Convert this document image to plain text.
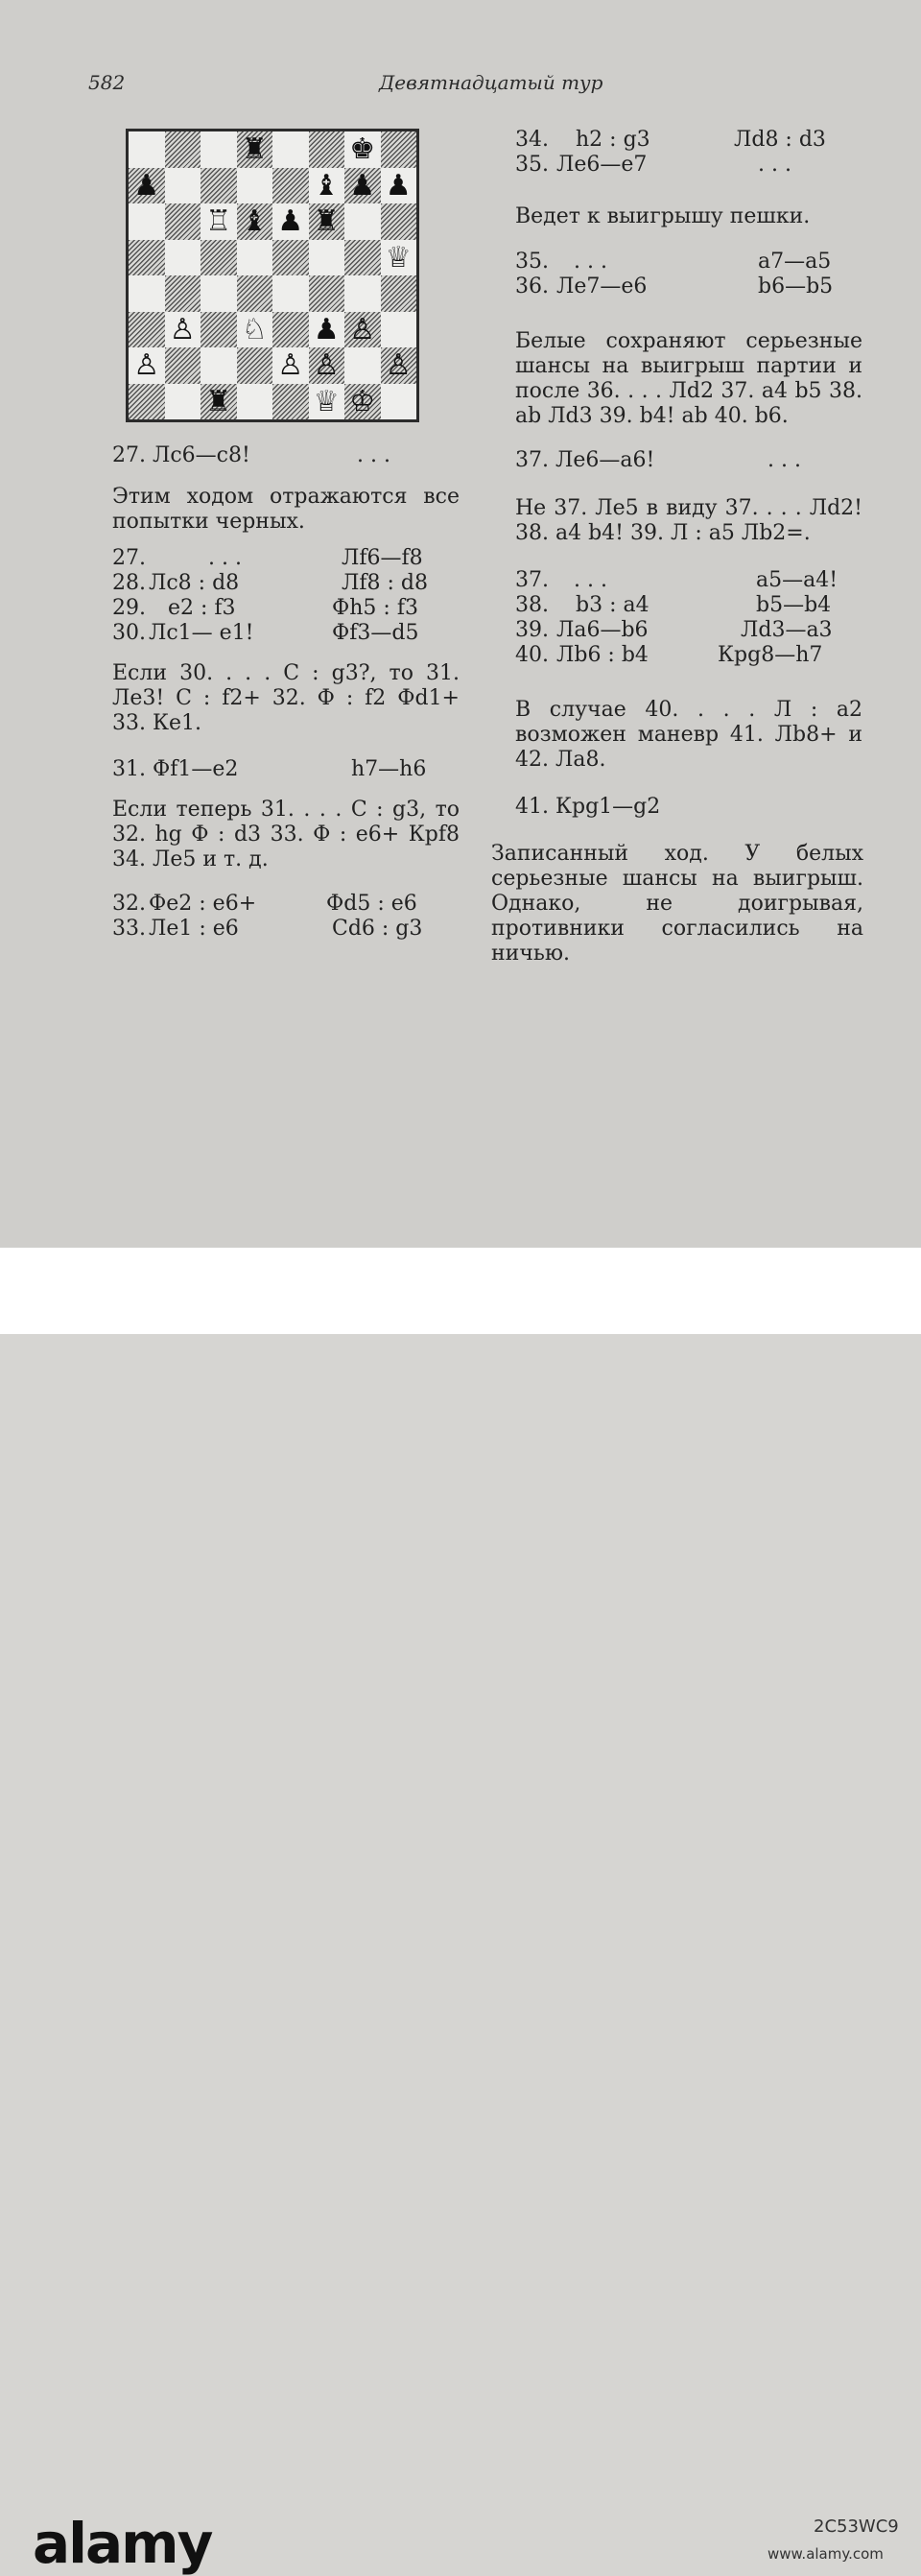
582	Девятнадцатый тур
♜	♚
♟	♝ ♟ ♟
♖ ♝ ♟ ♜
♕
♙ ♘ ♟ ♙
♙	♙ ♙ ♙
♜	♕ ♔
27. Лс6—с8!	. . .
Этим ходом отражаются все попытки черных.
27.	. . .	Лf6—f8
28. Лс8 : d8	Лf8 : d8
29. e2 : f3	Фh5 : f3
30. Лс1— e1!	Фf3—d5
Если 30. . . . С : g3?, то 31. Ле3! С : f2+ 32. Ф : f2 Фd1+ 33. Ке1.
31. Фf1—e2	h7—h6
Если теперь 31. . . . С : g3, то 32. hg Ф : d3 33. Ф : е6+ Крf8 34. Ле5 и т. д.
32. Фе2 : е6+	Фd5 : е6
33. Ле1 : е6	Cd6 : g3
34. h2 : g3	Лd8 : d3
35. Ле6—е7	. . .
Ведет к выигрышу пешки.
35. . . .	a7—a5
36. Ле7—е6	b6—b5
Белые сохраняют серьезные шансы на выигрыш партии и после 36. . . . Лd2 37. a4 b5 38. ab Лd3 39. b4! ab 40. b6.
37. Ле6—а6!	. . .
Не 37. Ле5 в виду 37. . . . Лd2! 38. a4 b4! 39. Л : а5 Лb2=.
37. . . .	a5—a4!
38. b3 : a4	b5—b4
39. Ла6—b6	Лd3—a3
40. Лb6 : b4	Крg8—h7
В случае 40. . . . Л : а2 возможен маневр 41. Лb8+ и 42. Ла8.
41. Крg1—g2
Записанный ход. У белых серьезные шансы на выигрыш. Однако, не доигрывая, противники согласились на ничью.
alamy	2C53WC9
www.alamy.com
